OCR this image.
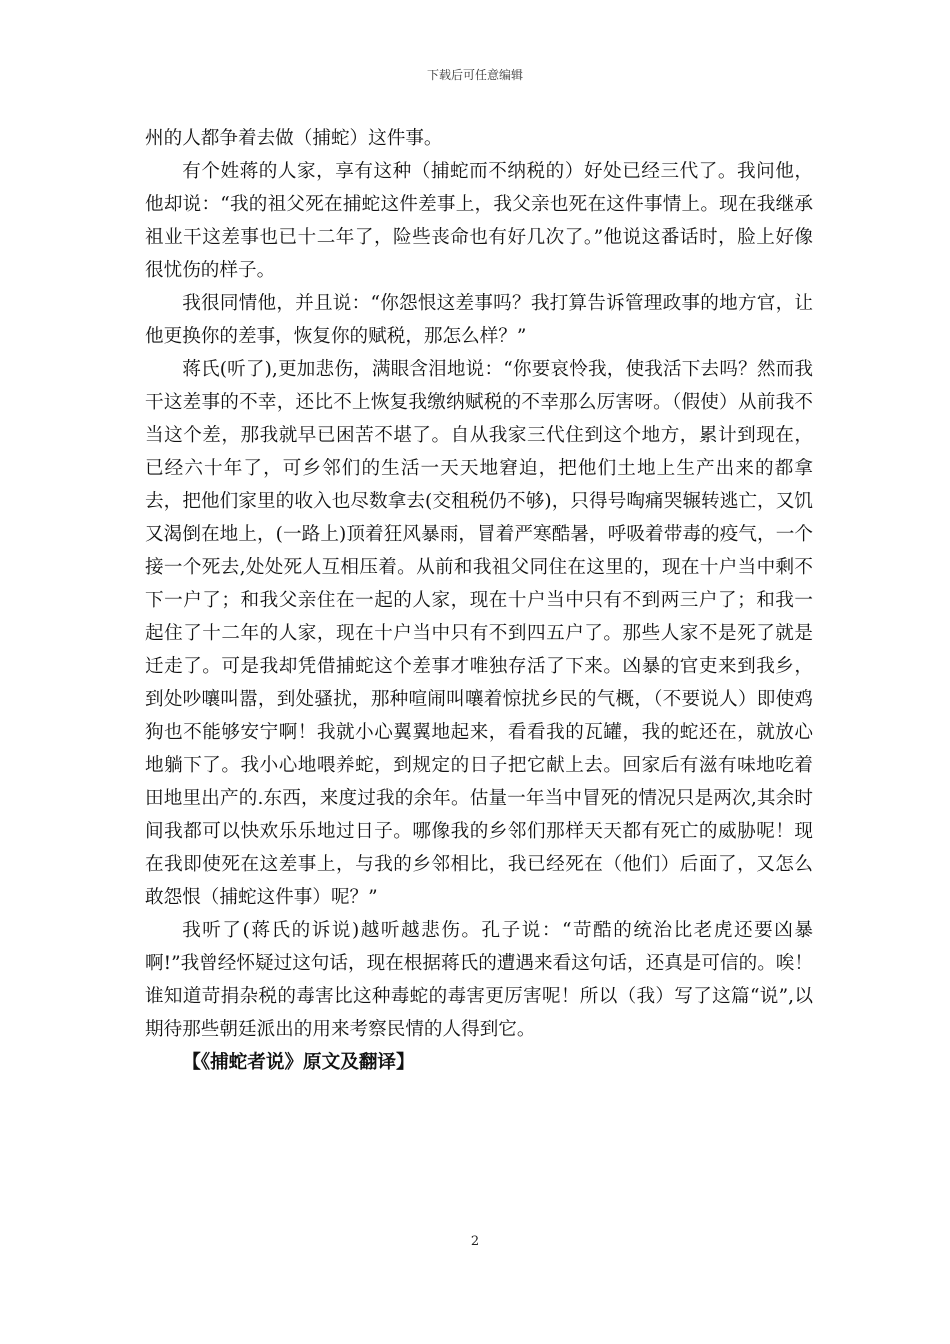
下载后可任意编辑

州的人都争着去做（捕蛇）这件事。

有个姓蒋的人家，享有这种（捕蛇而不纳税的）好处已经三代了。我问他，他却说：“我的祖父死在捕蛇这件差事上，我父亲也死在这件事情上。现在我继承祖业干这差事也已十二年了，险些丧命也有好几次了。”他说这番话时，脸上好像很忧伤的样子。

我很同情他，并且说：“你怨恨这差事吗？我打算告诉管理政事的地方官，让他更换你的差事，恢复你的赋税，那怎么样？”

蒋氏(听了),更加悲伤，满眼含泪地说：“你要哀怜我，使我活下去吗？然而我干这差事的不幸，还比不上恢复我缴纳赋税的不幸那么厉害呀。（假使）从前我不当这个差，那我就早已困苦不堪了。自从我家三代住到这个地方，累计到现在，已经六十年了，可乡邻们的生活一天天地窘迫，把他们土地上生产出来的都拿去，把他们家里的收入也尽数拿去(交租税仍不够)，只得号啕痛哭辗转逃亡，又饥又渴倒在地上，(一路上)顶着狂风暴雨，冒着严寒酷暑，呼吸着带毒的疫气，一个接一个死去,处处死人互相压着。从前和我祖父同住在这里的，现在十户当中剩不下一户了；和我父亲住在一起的人家，现在十户当中只有不到两三户了；和我一起住了十二年的人家，现在十户当中只有不到四五户了。那些人家不是死了就是迁走了。可是我却凭借捕蛇这个差事才唯独存活了下来。凶暴的官吏来到我乡，到处吵嚷叫嚣，到处骚扰，那种喧闹叫嚷着惊扰乡民的气概，（不要说人）即使鸡狗也不能够安宁啊！我就小心翼翼地起来，看看我的瓦罐，我的蛇还在，就放心地躺下了。我小心地喂养蛇，到规定的日子把它献上去。回家后有滋有味地吃着田地里出产的.东西，来度过我的余年。估量一年当中冒死的情况只是两次,其余时间我都可以快欢乐乐地过日子。哪像我的乡邻们那样天天都有死亡的威胁呢！现在我即使死在这差事上，与我的乡邻相比，我已经死在（他们）后面了，又怎么敢怨恨（捕蛇这件事）呢？”

我听了(蒋氏的诉说)越听越悲伤。孔子说：“苛酷的统治比老虎还要凶暴啊!”我曾经怀疑过这句话，现在根据蒋氏的遭遇来看这句话，还真是可信的。唉！谁知道苛捐杂税的毒害比这种毒蛇的毒害更厉害呢！所以（我）写了这篇“说”,以期待那些朝廷派出的用来考察民情的人得到它。

【《捕蛇者说》原文及翻译】

2
